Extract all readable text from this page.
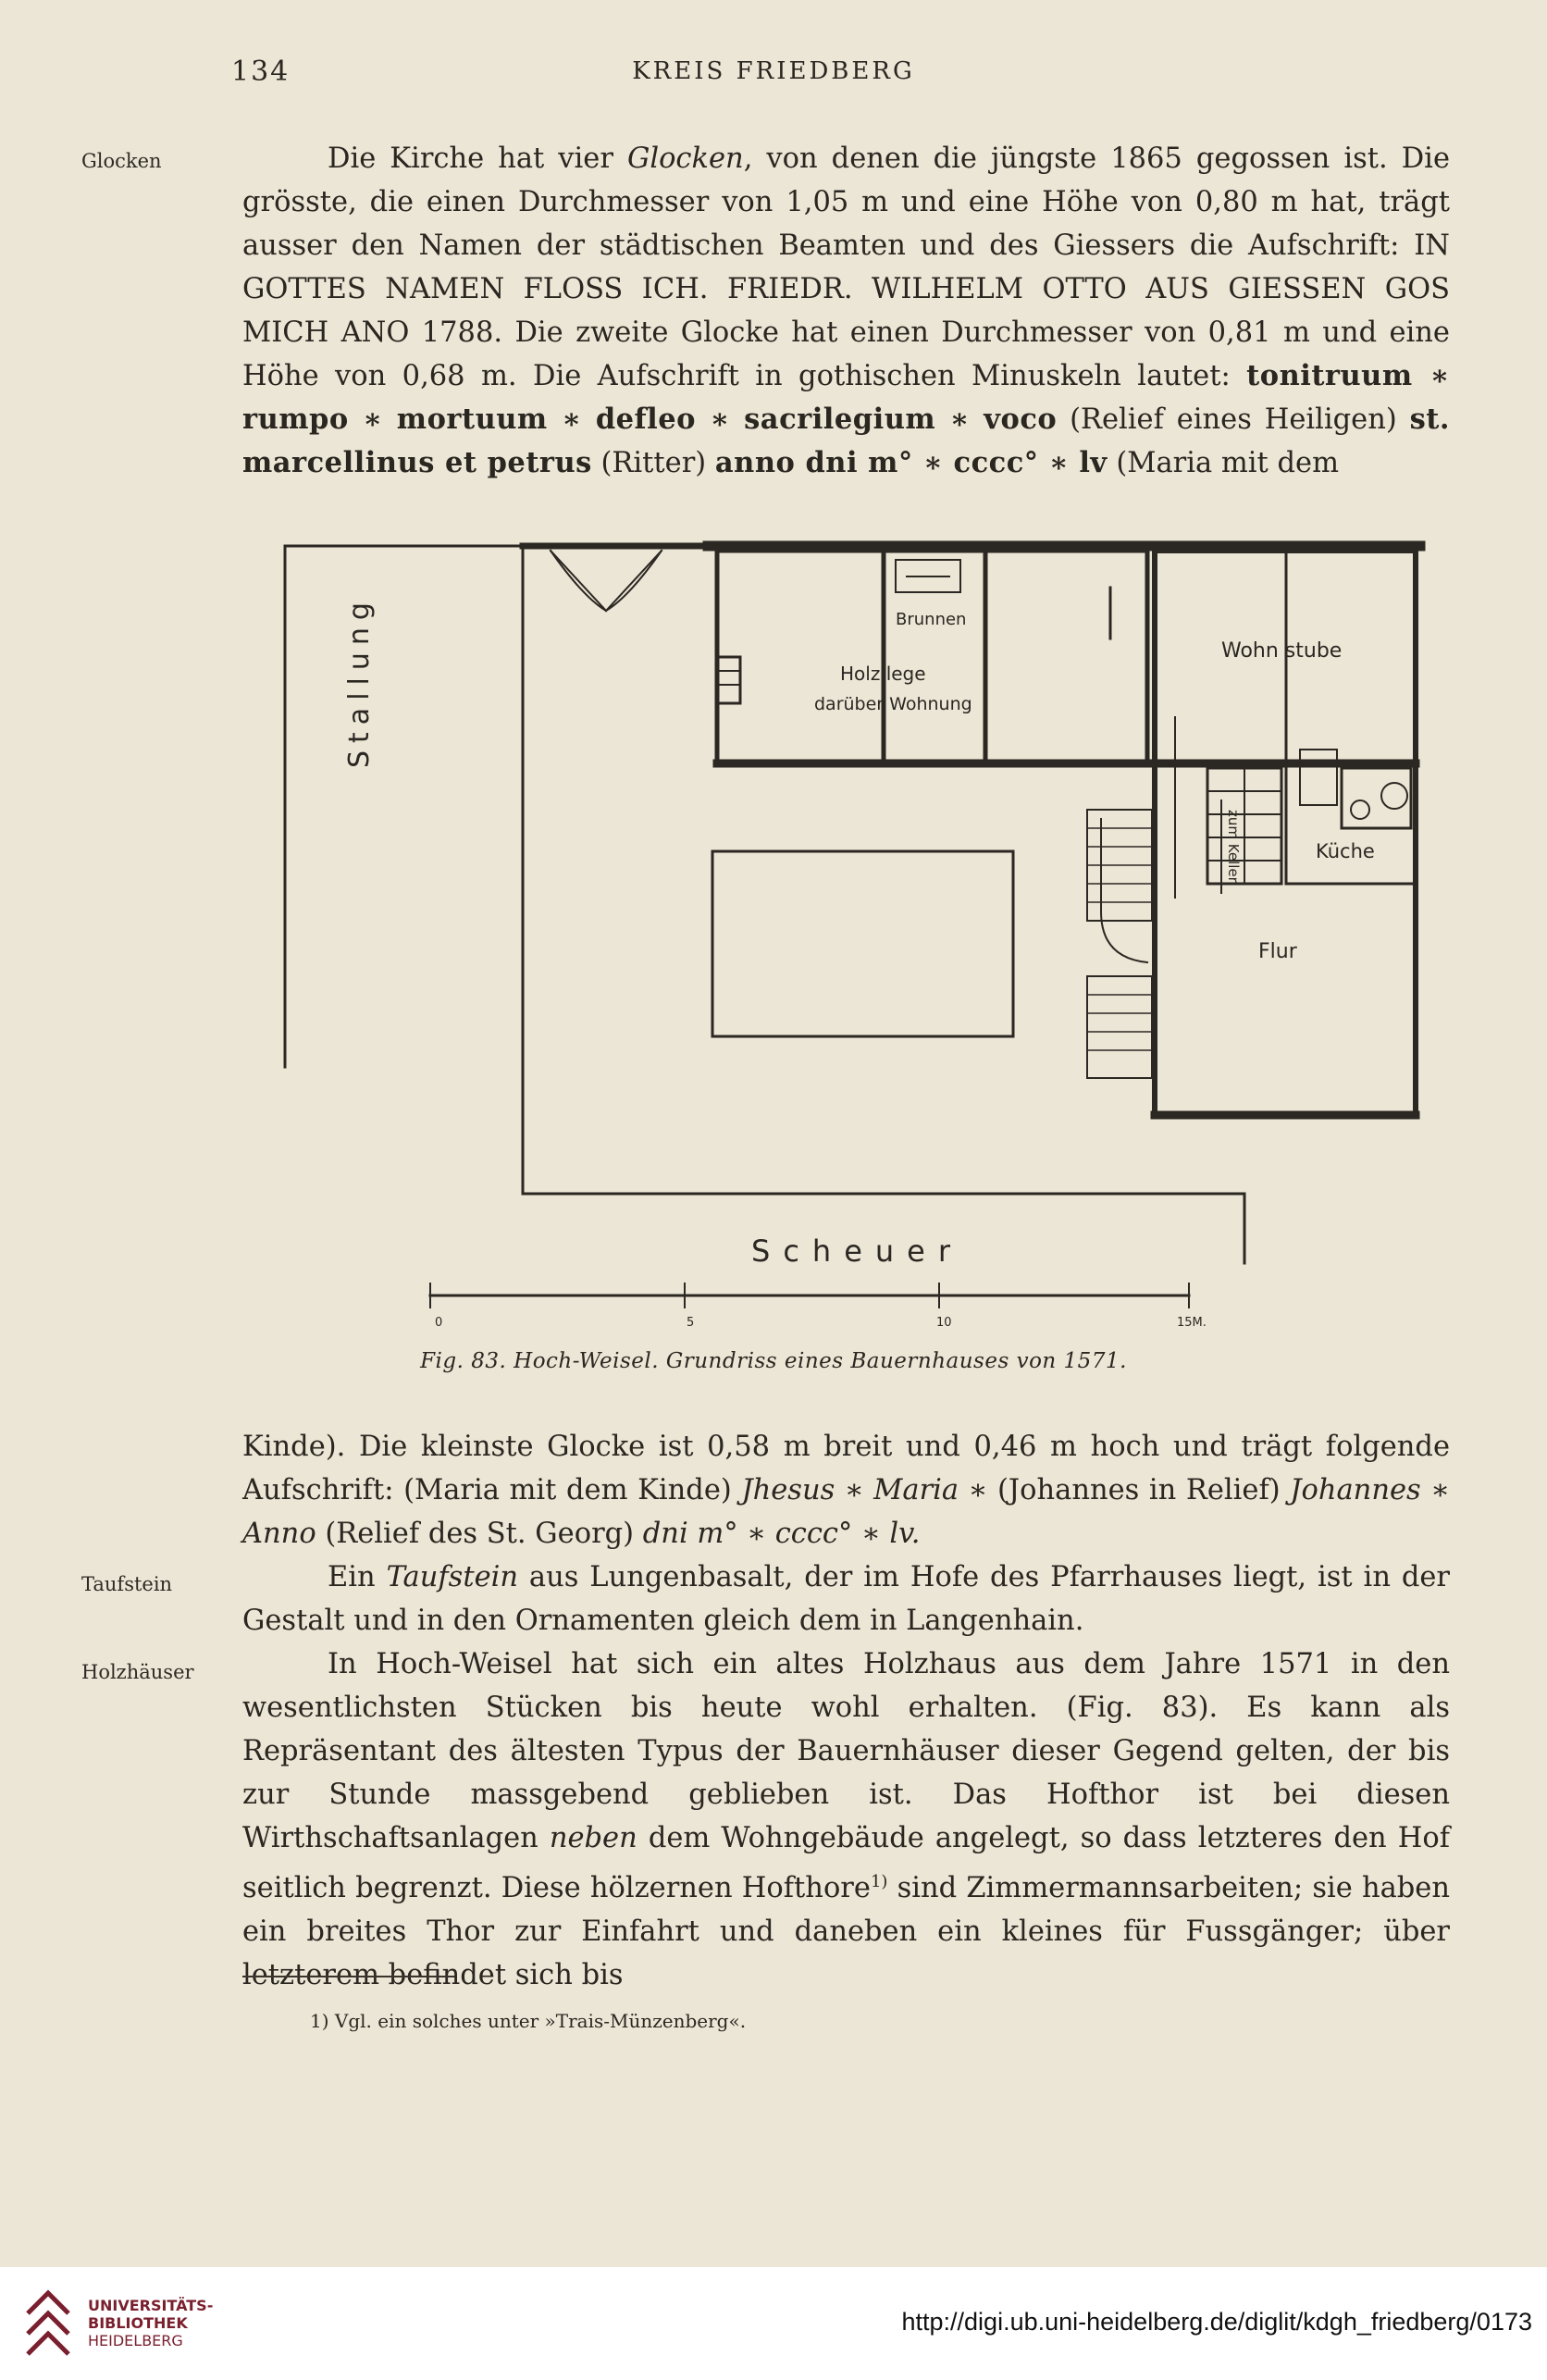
134	KREIS FRIEDBERG
Glocken
Taufstein
Holzhäuser

Die Kirche hat vier Glocken, von denen die jüngste 1865 gegossen ist. Die grösste, die einen Durchmesser von 1,05 m und eine Höhe von 0,80 m hat, trägt ausser den Namen der städtischen Beamten und des Giessers die Aufschrift: IN GOTTES NAMEN FLOSS ICH. FRIEDR. WILHELM OTTO AUS GIESSEN GOS MICH ANO 1788. Die zweite Glocke hat einen Durchmesser von 0,81 m und eine Höhe von 0,68 m. Die Aufschrift in gothischen Minuskeln lautet: tonitruum ∗ rumpo ∗ mortuum ∗ defleo ∗ sacrilegium ∗ voco (Relief eines Heiligen) st. marcellinus et petrus (Ritter) anno dni m° ∗ cccc° ∗ lv (Maria mit dem

Stallung
Scheuer
Brunnen
Holz lege
darüber Wohnung
Wohn stube
Küche
Flur
zum Keller
0	5	10	15M.
Fig. 83. Hoch-Weisel. Grundriss eines Bauernhauses von 1571.

Kinde). Die kleinste Glocke ist 0,58 m breit und 0,46 m hoch und trägt folgende Aufschrift: (Maria mit dem Kinde) Jhesus ∗ Maria ∗ (Johannes in Relief) Johannes ∗ Anno (Relief des St. Georg) dni m° ∗ cccc° ∗ lv.

Ein Taufstein aus Lungenbasalt, der im Hofe des Pfarrhauses liegt, ist in der Gestalt und in den Ornamenten gleich dem in Langenhain.

In Hoch-Weisel hat sich ein altes Holzhaus aus dem Jahre 1571 in den wesentlichsten Stücken bis heute wohl erhalten. (Fig. 83). Es kann als Repräsentant des ältesten Typus der Bauernhäuser dieser Gegend gelten, der bis zur Stunde massgebend geblieben ist. Das Hofthor ist bei diesen Wirthschaftsanlagen neben dem Wohngebäude angelegt, so dass letzteres den Hof seitlich begrenzt. Diese hölzernen Hofthore$^{1)}$ sind Zimmermannsarbeiten; sie haben ein breites Thor zur Einfahrt und daneben ein kleines für Fussgänger; über letzterem befindet sich bis

1) Vgl. ein solches unter »Trais-Münzenberg«.
UNIVERSITÄTS-
BIBLIOTHEK
HEIDELBERG
http://digi.ub.uni-heidelberg.de/diglit/kdgh_friedberg/0173
